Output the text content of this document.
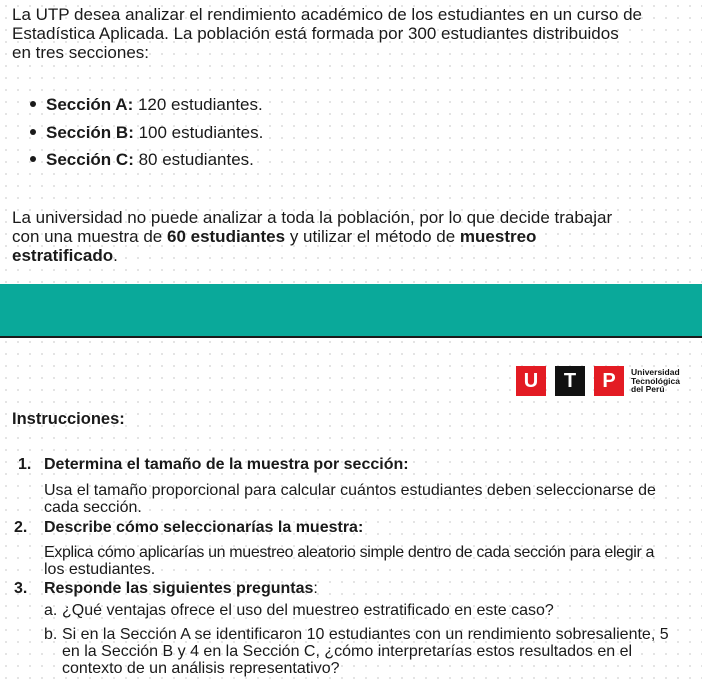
La UTP desea analizar el rendimiento académico de los estudiantes en un curso de
Estadística Aplicada. La población está formada por 300 estudiantes distribuidos
en tres secciones:
Sección A: 120 estudiantes.
Sección B: 100 estudiantes.
Sección C: 80 estudiantes.
La universidad no puede analizar a toda la población, por lo que decide trabajar
con una muestra de 60 estudiantes y utilizar el método de muestreo
estratificado.
U	T	P	Universidad
Tecnológica
del Perú
Instrucciones:
1. Determina el tamaño de la muestra por sección:
Usa el tamaño proporcional para calcular cuántos estudiantes deben seleccionarse de
cada sección.
2. Describe cómo seleccionarías la muestra:
Explica cómo aplicarías un muestreo aleatorio simple dentro de cada sección para elegir a
los estudiantes.
3. Responde las siguientes preguntas:
a. ¿Qué ventajas ofrece el uso del muestreo estratificado en este caso?
b. Si en la Sección A se identificaron 10 estudiantes con un rendimiento sobresaliente, 5
en la Sección B y 4 en la Sección C, ¿cómo interpretarías estos resultados en el
contexto de un análisis representativo?
